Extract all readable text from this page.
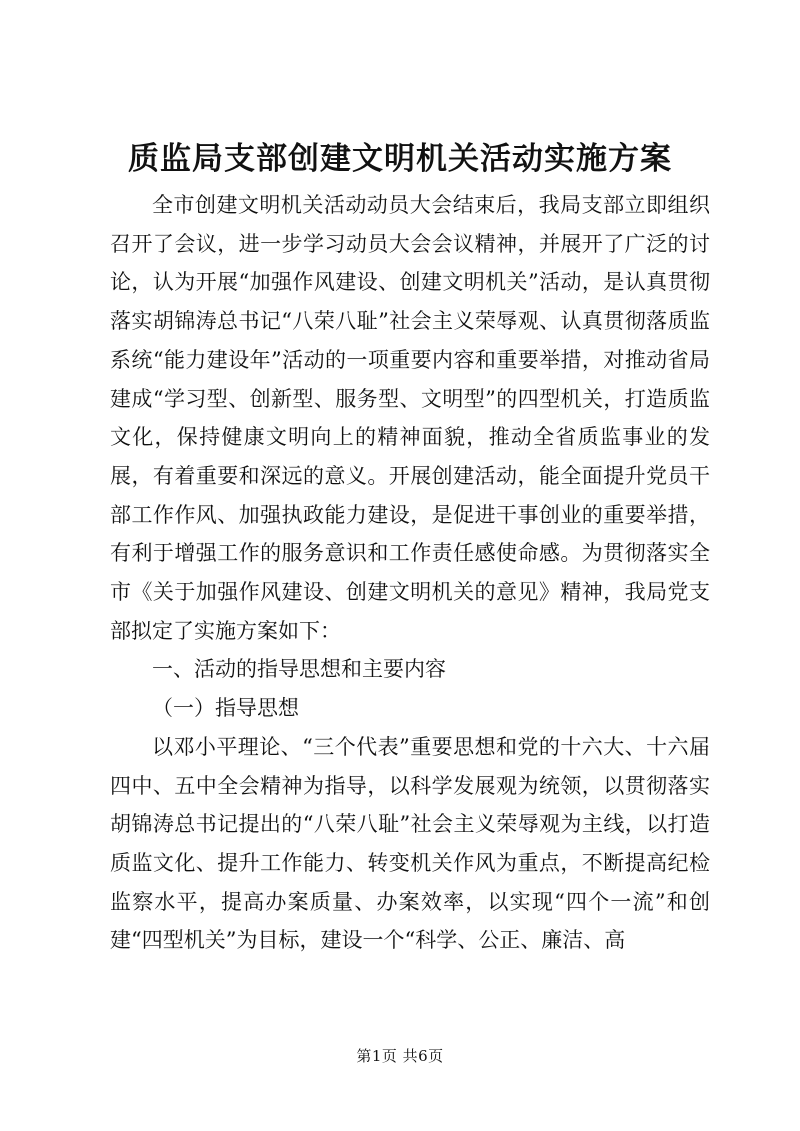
质监局支部创建文明机关活动实施方案

全市创建文明机关活动动员大会结束后，我局支部立即组织召开了会议，进一步学习动员大会会议精神，并展开了广泛的讨论，认为开展“加强作风建设、创建文明机关”活动，是认真贯彻落实胡锦涛总书记“八荣八耻”社会主义荣辱观、认真贯彻落质监系统“能力建设年”活动的一项重要内容和重要举措，对推动省局建成“学习型、创新型、服务型、文明型”的四型机关，打造质监文化，保持健康文明向上的精神面貌，推动全省质监事业的发展，有着重要和深远的意义。开展创建活动，能全面提升党员干部工作作风、加强执政能力建设，是促进干事创业的重要举措，有利于增强工作的服务意识和工作责任感使命感。为贯彻落实全市《关于加强作风建设、创建文明机关的意见》精神，我局党支部拟定了实施方案如下：

一、活动的指导思想和主要内容

（一）指导思想

以邓小平理论、“三个代表”重要思想和党的十六大、十六届四中、五中全会精神为指导，以科学发展观为统领，以贯彻落实胡锦涛总书记提出的“八荣八耻”社会主义荣辱观为主线，以打造质监文化、提升工作能力、转变机关作风为重点，不断提高纪检监察水平，提高办案质量、办案效率，以实现“四个一流”和创建“四型机关”为目标，建设一个“科学、公正、廉洁、高

第1页 共6页
